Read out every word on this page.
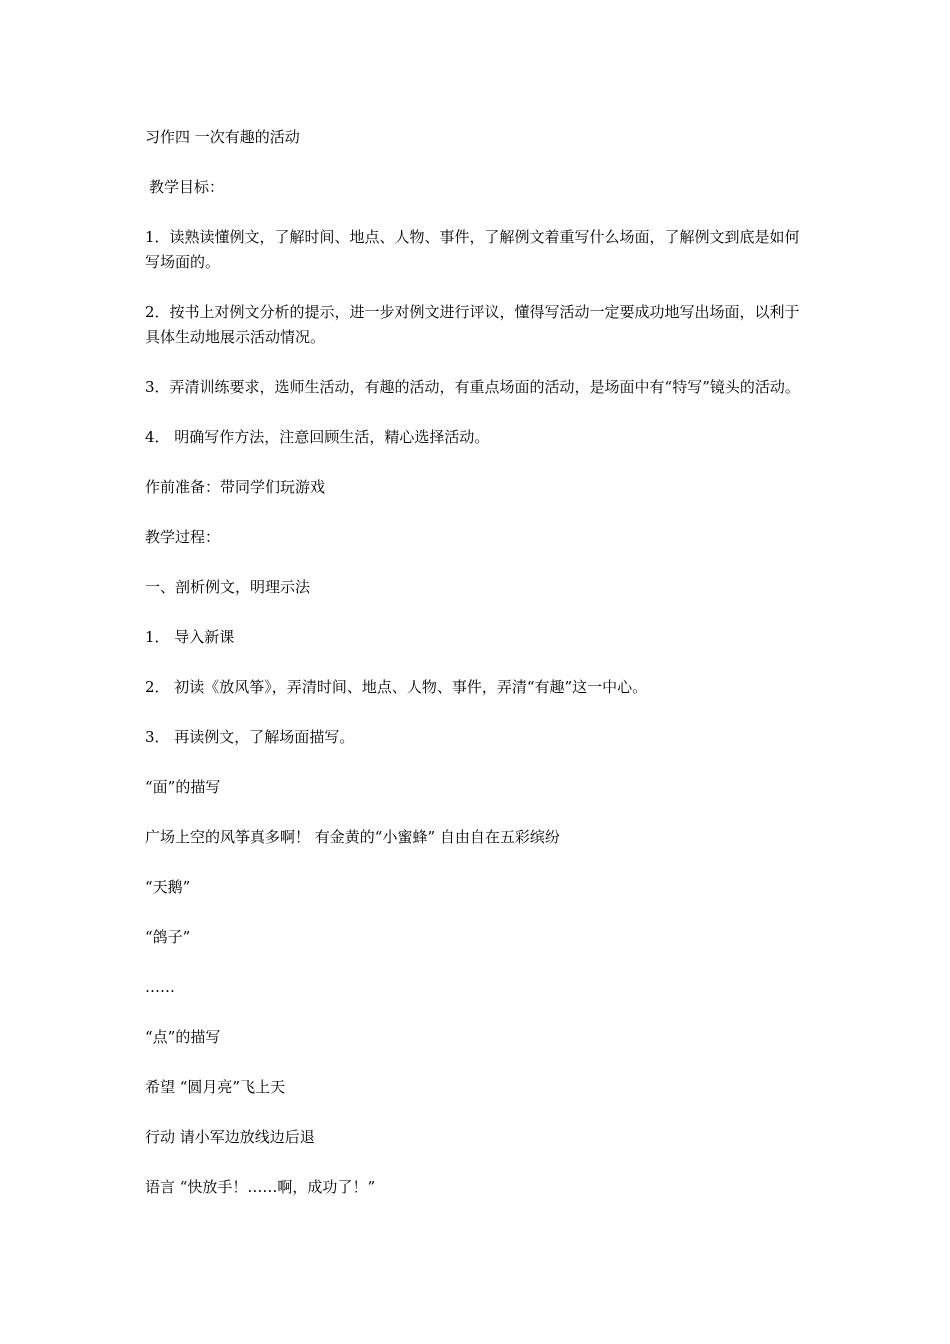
习作四 一次有趣的活动

教学目标：

1．读熟读懂例文，了解时间、地点、人物、事件，了解例文着重写什么场面，了解例文到底是如何写场面的。

2．按书上对例文分析的提示，进一步对例文进行评议，懂得写活动一定要成功地写出场面，以利于具体生动地展示活动情况。

3．弄清训练要求，选师生活动，有趣的活动，有重点场面的活动，是场面中有“特写”镜头的活动。

4． 明确写作方法，注意回顾生活，精心选择活动。

作前准备：带同学们玩游戏

教学过程：

一、剖析例文，明理示法

1． 导入新课

2． 初读《放风筝》，弄清时间、地点、人物、事件，弄清“有趣”这一中心。

3． 再读例文，了解场面描写。

“面”的描写

广场上空的风筝真多啊！ 有金黄的“小蜜蜂” 自由自在五彩缤纷

“天鹅”

“鸽子”

……

“点”的描写

希望 “圆月亮”飞上天

行动 请小军边放线边后退

语言 “快放手！……啊，成功了！”
